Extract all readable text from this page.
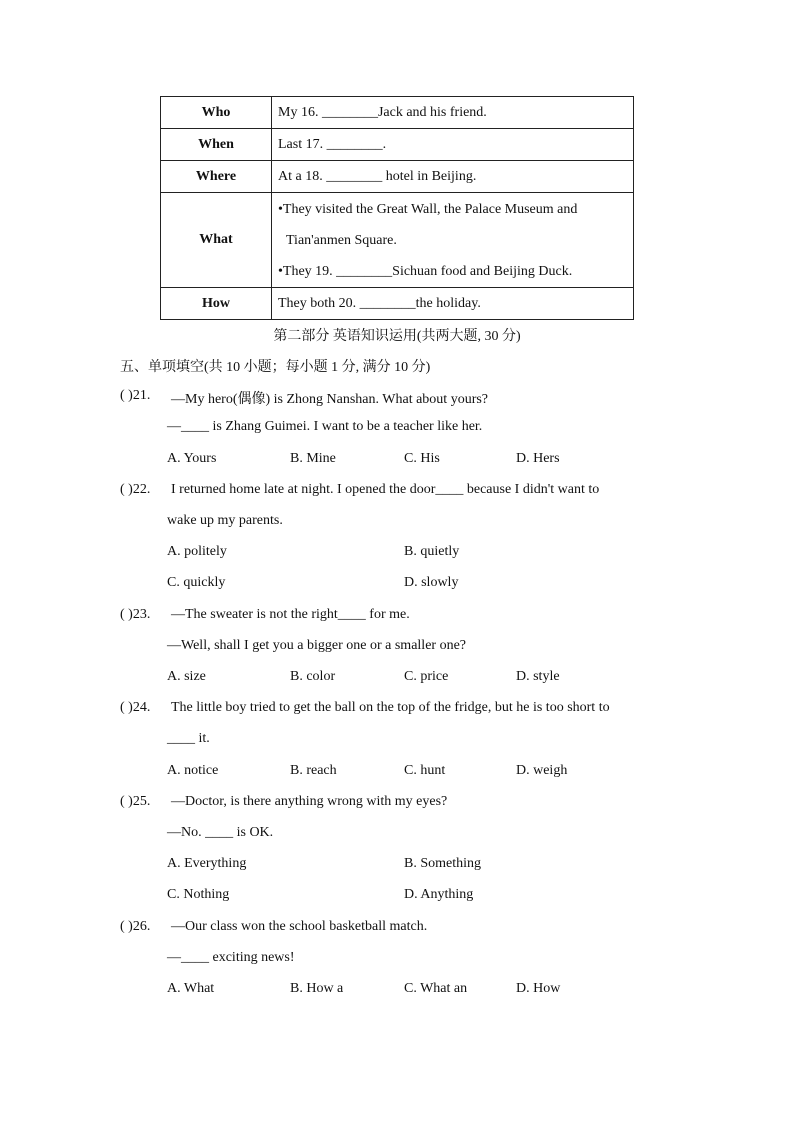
Who	My 16. ________Jack and his friend.
When	Last 17. ________.
Where	At a 18. ________ hotel in Beijing.
What	•They visited the Great Wall, the Palace Museum and
Tian'anmen Square.
•They 19. ________Sichuan food and Beijing Duck.

How	They both 20. ________the holiday.
第二部分 英语知识运用(共两大题, 30 分)
五、单项填空(共 10 小题；每小题 1 分, 满分 10 分)
( )21. —My hero(偶像) is Zhong Nanshan. What about yours?
—____ is Zhang Guimei. I want to be a teacher like her.
A. Yours	B. Mine	C. His	D. Hers
( )22. I returned home late at night. I opened the door____ because I didn't want to
wake up my parents.
A. politely	B. quietly
C. quickly	D. slowly
( )23. —The sweater is not the right____ for me.
—Well, shall I get you a bigger one or a smaller one?
A. size	B. color	C. price	D. style
( )24. The little boy tried to get the ball on the top of the fridge, but he is too short to
____ it.
A. notice	B. reach	C. hunt	D. weigh
( )25. —Doctor, is there anything wrong with my eyes?
—No. ____ is OK.
A. Everything	B. Something
C. Nothing	D. Anything
( )26. —Our class won the school basketball match.
—____ exciting news!
A. What	B. How a	C. What an	D. How
